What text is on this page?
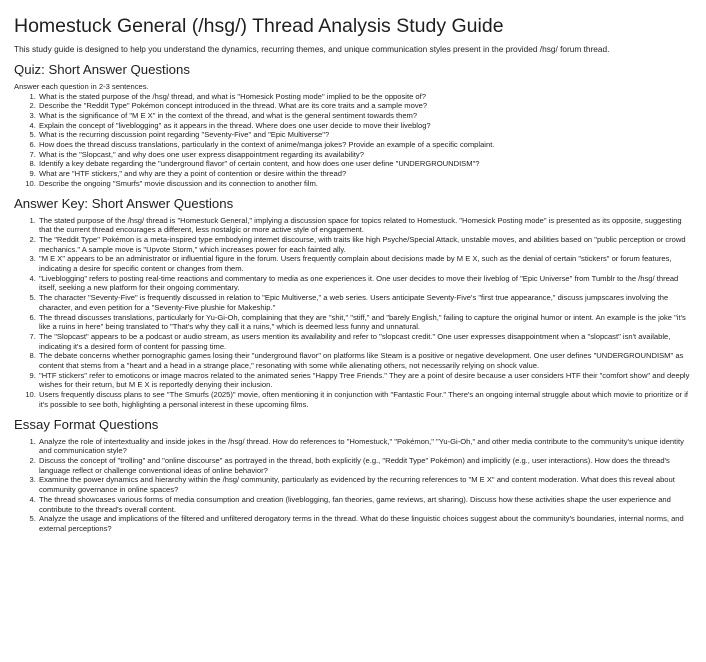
Homestuck General (/hsg/) Thread Analysis Study Guide

This study guide is designed to help you understand the dynamics, recurring themes, and unique communication styles present in the provided /hsg/ forum thread.

Quiz: Short Answer Questions

Answer each question in 2-3 sentences.

1. What is the stated purpose of the /hsg/ thread, and what is "Homesick Posting mode" implied to be the opposite of?
2. Describe the "Reddit Type" Pokémon concept introduced in the thread. What are its core traits and a sample move?
3. What is the significance of "M E X" in the context of the thread, and what is the general sentiment towards them?
4. Explain the concept of "liveblogging" as it appears in the thread. Where does one user decide to move their liveblog?
5. What is the recurring discussion point regarding "Seventy-Five" and "Epic Multiverse"?
6. How does the thread discuss translations, particularly in the context of anime/manga jokes? Provide an example of a specific complaint.
7. What is the "Slopcast," and why does one user express disappointment regarding its availability?
8. Identify a key debate regarding the "underground flavor" of certain content, and how does one user define "UNDERGROUNDISM"?
9. What are "HTF stickers," and why are they a point of contention or desire within the thread?
10. Describe the ongoing "Smurfs" movie discussion and its connection to another film.
Answer Key: Short Answer Questions
1. The stated purpose of the /hsg/ thread is "Homestuck General," implying a discussion space for topics related to Homestuck. "Homesick Posting mode" is presented as its opposite, suggesting that the current thread encourages a different, less nostalgic or more active style of engagement.
2. The "Reddit Type" Pokémon is a meta-inspired type embodying internet discourse, with traits like high Psyche/Special Attack, unstable moves, and abilities based on "public perception or crowd mechanics." A sample move is "Upvote Storm," which increases power for each fainted ally.
3. "M E X" appears to be an administrator or influential figure in the forum. Users frequently complain about decisions made by M E X, such as the denial of certain "stickers" or forum features, indicating a desire for specific content or changes from them.
4. "Liveblogging" refers to posting real-time reactions and commentary to media as one experiences it. One user decides to move their liveblog of "Epic Universe" from Tumblr to the /hsg/ thread itself, seeking a new platform for their ongoing commentary.
5. The character "Seventy-Five" is frequently discussed in relation to "Epic Multiverse," a web series. Users anticipate Seventy-Five's "first true appearance," discuss jumpscares involving the character, and even petition for a "Seventy-Five plushie for Makeship."
6. The thread discusses translations, particularly for Yu-Gi-Oh, complaining that they are "shit," "stiff," and "barely English," failing to capture the original humor or intent. An example is the joke "it's like a ruins in here" being translated to "That's why they call it a ruins," which is deemed less funny and unnatural.
7. The "Slopcast" appears to be a podcast or audio stream, as users mention its availability and refer to "slopcast credit." One user expresses disappointment when a "slopcast" isn't available, indicating it's a desired form of content for passing time.
8. The debate concerns whether pornographic games losing their "underground flavor" on platforms like Steam is a positive or negative development. One user defines "UNDERGROUNDISM" as content that stems from a "heart and a head in a strange place," resonating with some while alienating others, not necessarily relying on shock value.
9. "HTF stickers" refer to emoticons or image macros related to the animated series "Happy Tree Friends." They are a point of desire because a user considers HTF their "comfort show" and deeply wishes for their return, but M E X is reportedly denying their inclusion.
10. Users frequently discuss plans to see "The Smurfs (2025)" movie, often mentioning it in conjunction with "Fantastic Four." There's an ongoing internal struggle about which movie to prioritize or if it's possible to see both, highlighting a personal interest in these upcoming films.
Essay Format Questions
1. Analyze the role of intertextuality and inside jokes in the /hsg/ thread. How do references to "Homestuck," "Pokémon," "Yu-Gi-Oh," and other media contribute to the community's unique identity and communication style?
2. Discuss the concept of "trolling" and "online discourse" as portrayed in the thread, both explicitly (e.g., "Reddit Type" Pokémon) and implicitly (e.g., user interactions). How does the thread's language reflect or challenge conventional ideas of online behavior?
3. Examine the power dynamics and hierarchy within the /hsg/ community, particularly as evidenced by the recurring references to "M E X" and content moderation. What does this reveal about community governance in online spaces?
4. The thread showcases various forms of media consumption and creation (liveblogging, fan theories, game reviews, art sharing). Discuss how these activities shape the user experience and contribute to the thread's overall content.
5. Analyze the usage and implications of the filtered and unfiltered derogatory terms in the thread. What do these linguistic choices suggest about the community's boundaries, internal norms, and external perceptions?
